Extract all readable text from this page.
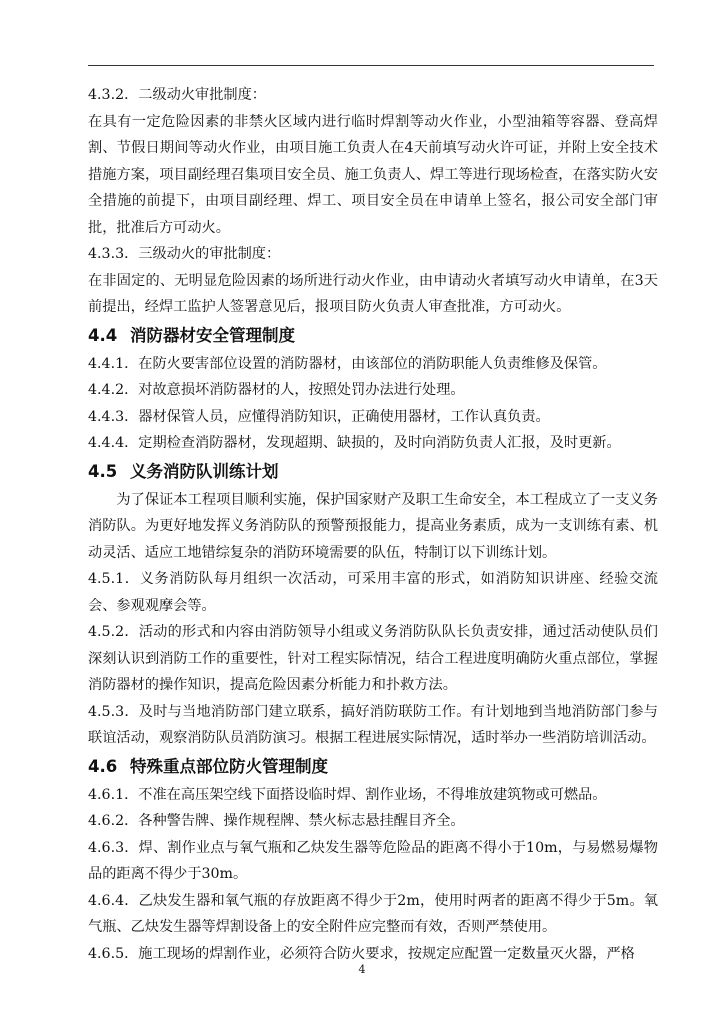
4.3.2．二级动火审批制度：

在具有一定危险因素的非禁火区域内进行临时焊割等动火作业，小型油箱等容器、登高焊割、节假日期间等动火作业，由项目施工负责人在4天前填写动火许可证，并附上安全技术措施方案，项目副经理召集项目安全员、施工负责人、焊工等进行现场检查，在落实防火安全措施的前提下，由项目副经理、焊工、项目安全员在申请单上签名，报公司安全部门审批，批准后方可动火。

4.3.3．三级动火的审批制度：

在非固定的、无明显危险因素的场所进行动火作业，由申请动火者填写动火申请单，在3天前提出，经焊工监护人签署意见后，报项目防火负责人审查批准，方可动火。

4.4 消防器材安全管理制度

4.4.1．在防火要害部位设置的消防器材，由该部位的消防职能人负责维修及保管。

4.4.2．对故意损坏消防器材的人，按照处罚办法进行处理。

4.4.3．器材保管人员，应懂得消防知识，正确使用器材，工作认真负责。

4.4.4．定期检查消防器材，发现超期、缺损的，及时向消防负责人汇报，及时更新。

4.5 义务消防队训练计划

为了保证本工程项目顺利实施，保护国家财产及职工生命安全，本工程成立了一支义务消防队。为更好地发挥义务消防队的预警预报能力，提高业务素质，成为一支训练有素、机动灵活、适应工地错综复杂的消防环境需要的队伍，特制订以下训练计划。

4.5.1．义务消防队每月组织一次活动，可采用丰富的形式，如消防知识讲座、经验交流会、参观观摩会等。

4.5.2．活动的形式和内容由消防领导小组或义务消防队队长负责安排，通过活动使队员们深刻认识到消防工作的重要性，针对工程实际情况，结合工程进度明确防火重点部位，掌握消防器材的操作知识，提高危险因素分析能力和扑救方法。

4.5.3．及时与当地消防部门建立联系，搞好消防联防工作。有计划地到当地消防部门参与联谊活动，观察消防队员消防演习。根据工程进展实际情况，适时举办一些消防培训活动。

4.6 特殊重点部位防火管理制度

4.6.1．不准在高压架空线下面搭设临时焊、割作业场，不得堆放建筑物或可燃品。

4.6.2．各种警告牌、操作规程牌、禁火标志悬挂醒目齐全。

4.6.3．焊、割作业点与氧气瓶和乙炔发生器等危险品的距离不得小于10m，与易燃易爆物品的距离不得少于30m。

4.6.4．乙炔发生器和氧气瓶的存放距离不得少于2m，使用时两者的距离不得少于5m。氧气瓶、乙炔发生器等焊割设备上的安全附件应完整而有效，否则严禁使用。

4.6.5．施工现场的焊割作业，必须符合防火要求，按规定应配置一定数量灭火器，严格

4
